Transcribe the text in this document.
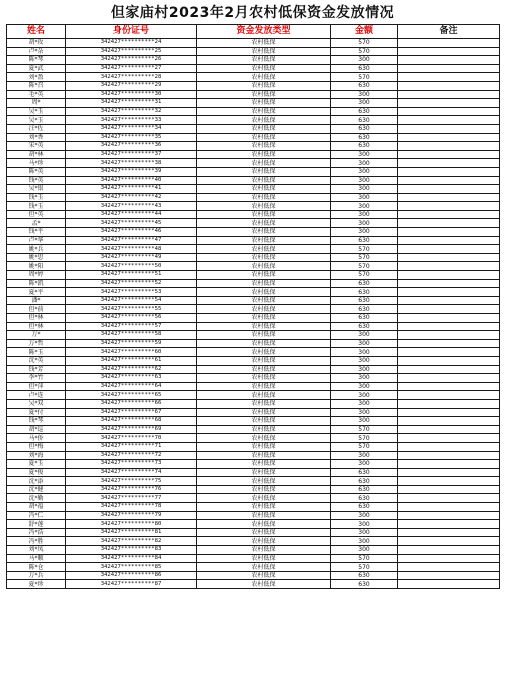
但家庙村2023年2月农村低保资金发放情况
姓名	身份证号	资金发放类型	金额	备注
胡*玫	342427**********24	农村低保	570	
卢*杂	342427**********25	农村低保	570	
陈*琴	342427**********26	农村低保	300	
夏*武	342427**********27	农村低保	630	
刘*盈	342427**********28	农村低保	570	
陈*召	342427**********29	农村低保	630	
毛*英	342427**********30	农村低保	300	
周*	342427**********31	农村低保	300	
吴*玉	342427**********32	农村低保	630	
吴*玉	342427**********33	农村低保	630	
汪*佐	342427**********34	农村低保	630	
刘*香	342427**********35	农村低保	630	
宋*英	342427**********36	农村低保	630	
胡*林	342427**********37	农村低保	300	
马*珍	342427**********38	农村低保	300	
陈*英	342427**********39	农村低保	300	
钱*英	342427**********40	农村低保	300	
吴*银	342427**********41	农村低保	300	
钱*玉	342427**********42	农村低保	300	
钱*玉	342427**********43	农村低保	300	
但*英	342427**********44	农村低保	300	
孟*	342427**********45	农村低保	300	
钱*平	342427**********46	农村低保	300	
卢*华	342427**********47	农村低保	630	
姚*兵	342427**********48	农村低保	570	
姚*思	342427**********49	农村低保	570	
姚*阳	342427**********50	农村低保	570	
周*婷	342427**********51	农村低保	570	
陈*凯	342427**********52	农村低保	630	
夏*平	342427**********53	农村低保	630	
潘*	342427**********54	农村低保	630	
但*前	342427**********55	农村低保	630	
但*林	342427**********56	农村低保	630	
但*林	342427**********57	农村低保	630	
万*	342427**********58	农村低保	300	
万*哲	342427**********59	农村低保	300	
陈*玉	342427**********60	农村低保	300	
沈*英	342427**********61	农村低保	300	
钱*芳	342427**********62	农村低保	300	
李*竹	342427**********63	农村低保	300	
但*萍	342427**********64	农村低保	300	
卢*连	342427**********65	农村低保	300	
吴*双	342427**********66	农村低保	300	
夏*付	342427**********67	农村低保	300	
钱*琴	342427**********68	农村低保	300	
胡*巡	342427**********69	农村低保	570	
马*侨	342427**********70	农村低保	570	
但*梅	342427**********71	农村低保	570	
刘*海	342427**********72	农村低保	300	
夏*玉	342427**********73	农村低保	300	
夏*俊	342427**********74	农村低保	630	
沈*添	342427**********75	农村低保	630	
沈*健	342427**********76	农村低保	630	
沈*勤	342427**********77	农村低保	630	
胡*福	342427**********78	农村低保	630	
冯*仁	342427**********79	农村低保	300	
舒*莲	342427**********80	农村低保	300	
冯*浩	342427**********81	农村低保	300	
冯*胜	342427**********82	农村低保	300	
刘*凤	342427**********83	农村低保	300	
马*顺	342427**********84	农村低保	570	
陈*仓	342427**********85	农村低保	570	
万*兵	342427**********86	农村低保	630	
夏*珍	342427**********87	农村低保	630	
